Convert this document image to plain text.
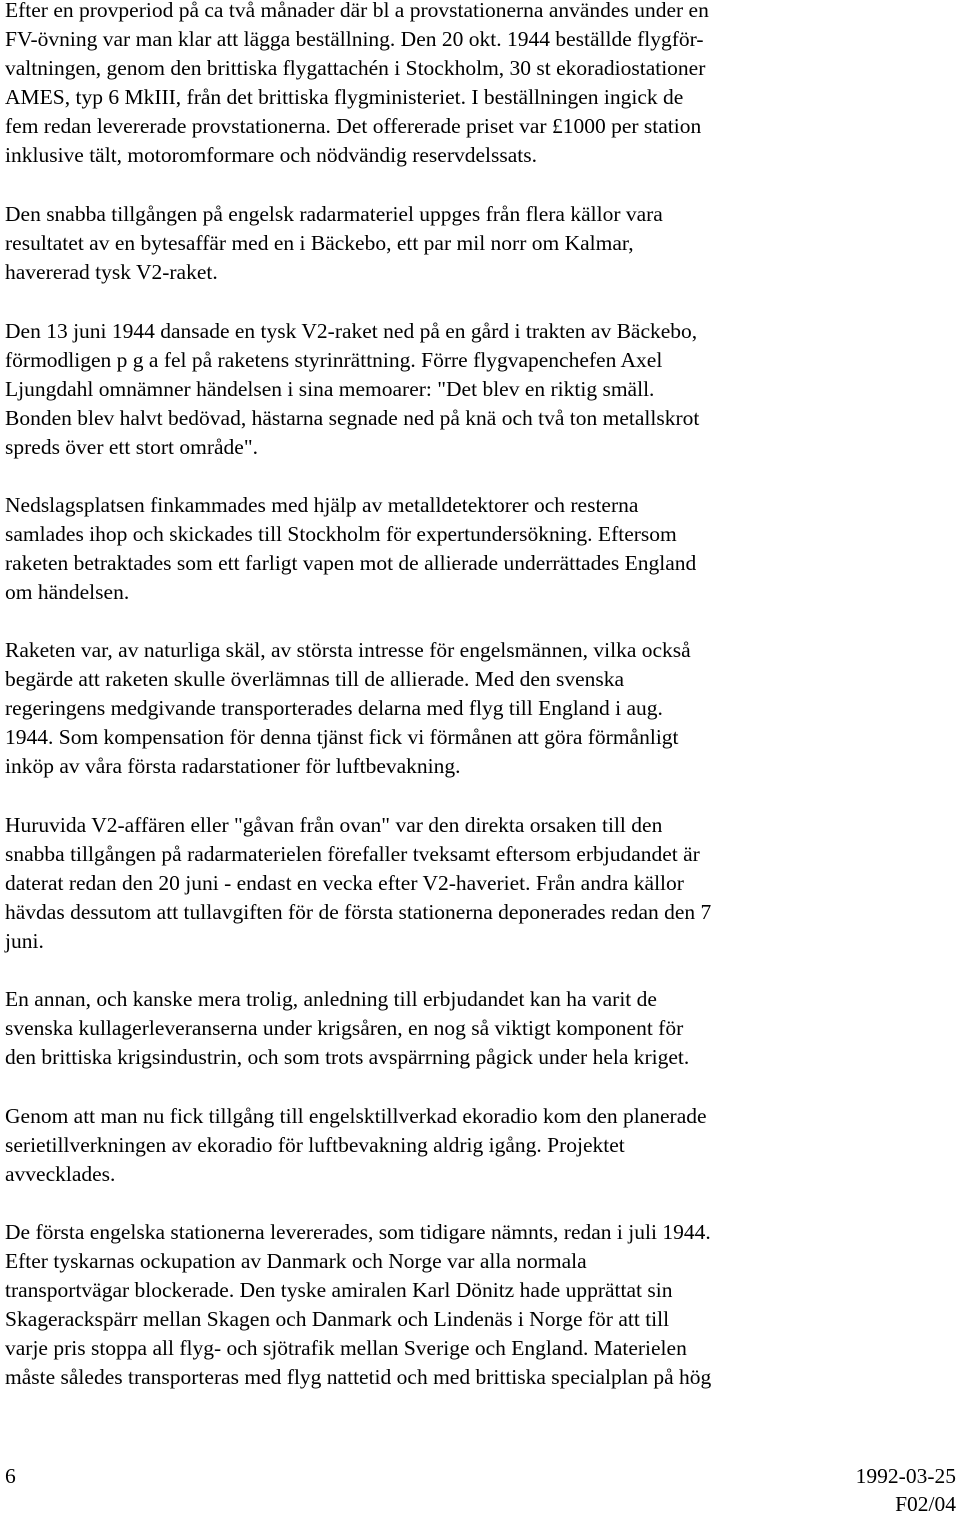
Efter en provperiod på ca två månader där bl a provstationerna användes under en
FV-övning var man klar att lägga beställning. Den 20 okt. 1944 beställde flygför-
valtningen, genom den brittiska flygattachén i Stockholm, 30 st ekoradiostationer
AMES, typ 6 MkIII, från det brittiska flygministeriet. I beställningen ingick de
fem redan levererade provstationerna. Det offererade priset var £1000 per station
inklusive tält, motoromformare och nödvändig reservdelssats.

Den snabba tillgången på engelsk radarmateriel uppges från flera källor vara
resultatet av en bytesaffär med en i Bäckebo, ett par mil norr om Kalmar,
havererad tysk V2-raket.

Den 13 juni 1944 dansade en tysk V2-raket ned på en gård i trakten av Bäckebo,
förmodligen p g a fel på raketens styrinrättning. Förre flygvapenchefen Axel
Ljungdahl omnämner händelsen i sina memoarer: "Det blev en riktig smäll.
Bonden blev halvt bedövad, hästarna segnade ned på knä och två ton metallskrot
spreds över ett stort område".

Nedslagsplatsen finkammades med hjälp av metalldetektorer och resterna
samlades ihop och skickades till Stockholm för expertundersökning. Eftersom
raketen betraktades som ett farligt vapen mot de allierade underrättades England
om händelsen.

Raketen var, av naturliga skäl, av största intresse för engelsmännen, vilka också
begärde att raketen skulle överlämnas till de allierade. Med den svenska
regeringens medgivande transporterades delarna med flyg till England i aug.
1944. Som kompensation för denna tjänst fick vi förmånen att göra förmånligt
inköp av våra första radarstationer för luftbevakning.

Huruvida V2-affären eller "gåvan från ovan" var den direkta orsaken till den
snabba tillgången på radarmaterielen förefaller tveksamt eftersom erbjudandet är
daterat redan den 20 juni - endast en vecka efter V2-haveriet. Från andra källor
hävdas dessutom att tullavgiften för de första stationerna deponerades redan den 7
juni.

En annan, och kanske mera trolig, anledning till erbjudandet kan ha varit de
svenska kullagerleveranserna under krigsåren, en nog så viktigt komponent för
den brittiska krigsindustrin, och som trots avspärrning pågick under hela kriget.

Genom att man nu fick tillgång till engelsktillverkad ekoradio kom den planerade
serietillverkningen av ekoradio för luftbevakning aldrig igång. Projektet
avvecklades.

De första engelska stationerna levererades, som tidigare nämnts, redan i juli 1944.
Efter tyskarnas ockupation av Danmark och Norge var alla normala
transportvägar blockerade. Den tyske amiralen Karl Dönitz hade upprättat sin
Skagerackspärr mellan Skagen och Danmark och Lindenäs i Norge för att till
varje pris stoppa all flyg- och sjötrafik mellan Sverige och England. Materielen
måste således transporteras med flyg nattetid och med brittiska specialplan på hög

6	1992-03-25
F02/04
